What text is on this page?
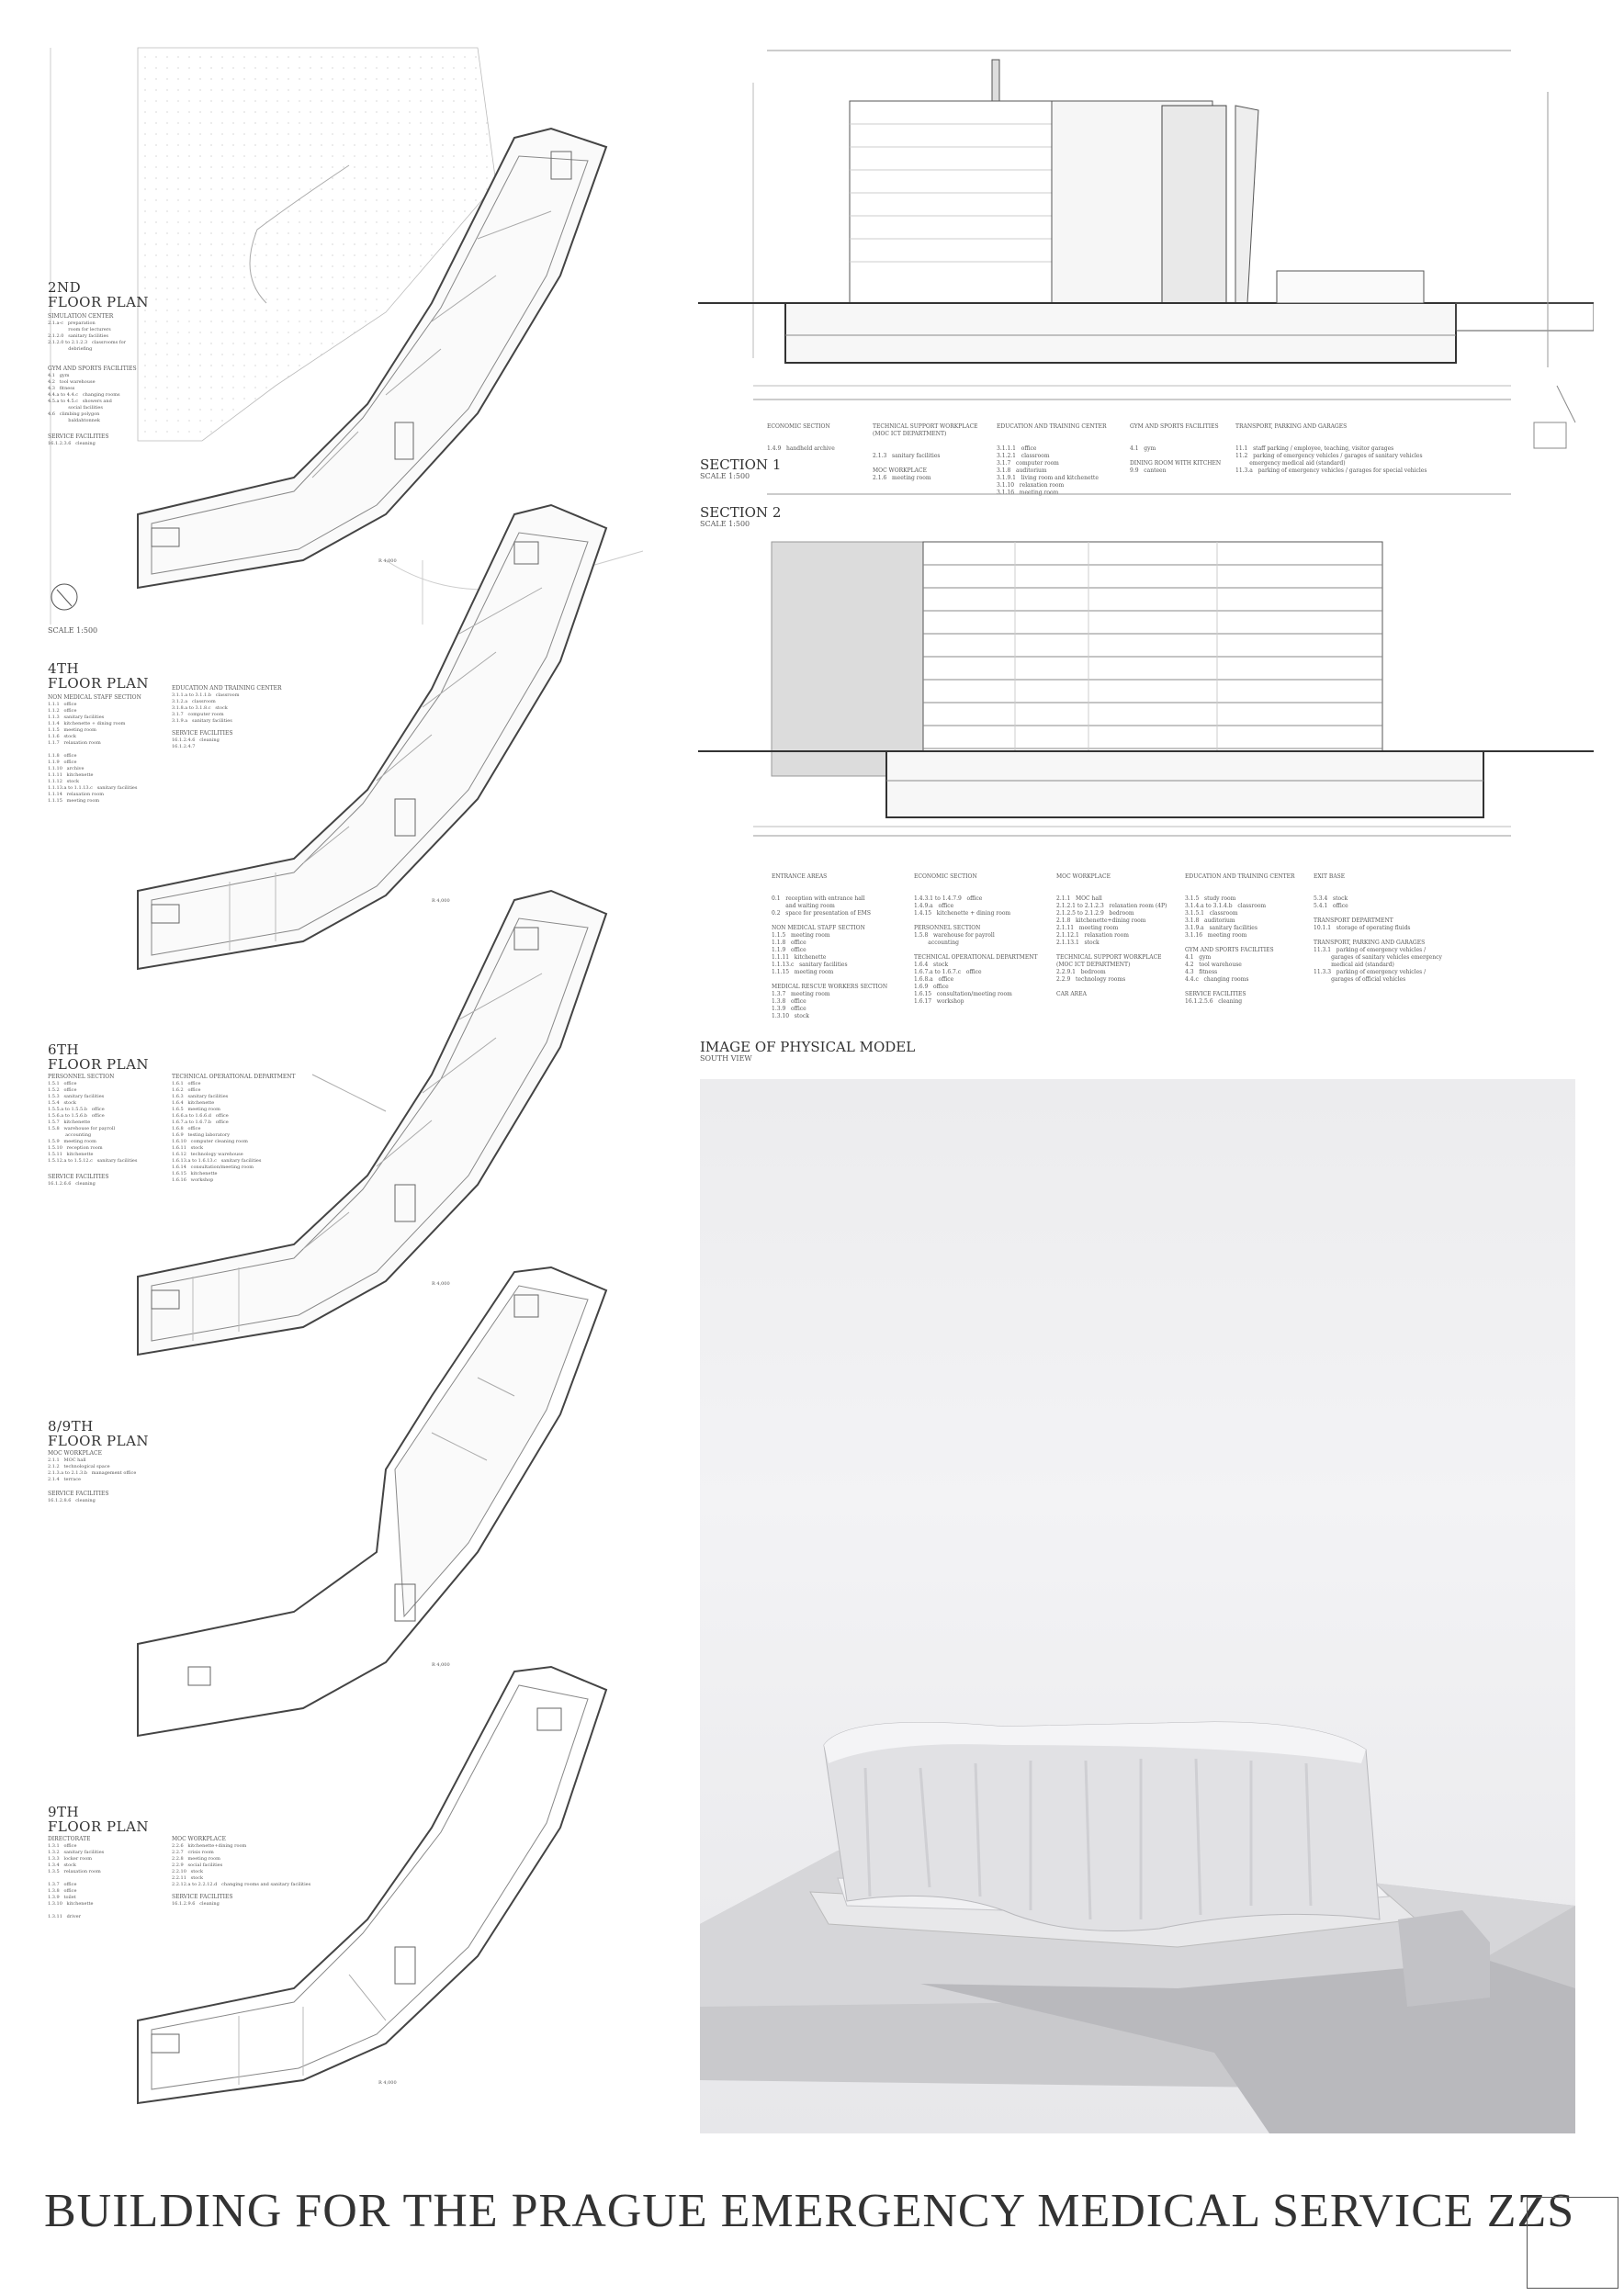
R 4,000
R 4,000
R 4,000
R 4,000
R 4,000
2ND
FLOOR PLAN
SIMULATION CENTER
2.1.a-c   preparation
room for lecturers
2.1.2.0   sanitary facilities
2.1.2.0 to 2.1.2.3   classrooms for
debriefing
GYM AND SPORTS FACILITIES
4.1   gym
4.2   tool warehouse
4.3   fitness
4.4.a to 4.4.c   changing rooms
4.5.a to 4.5.c   showers and
social facilities
4.6   climbing polygon
baldahtonnek
SERVICE FACILITIES
16.1.2.3.6   cleaning
SCALE 1:500
4TH
FLOOR PLAN
NON MEDICAL STAFF SECTION
1.1.1   office
1.1.2   office
1.1.3   sanitary facilities
1.1.4   kitchenette + dining room
1.1.5   meeting room
1.1.6   stock
1.1.7   relaxation room

1.1.8   office
1.1.9   office
1.1.10   archive
1.1.11   kitchenette
1.1.12   stock
1.1.13.a to 1.1.13.c   sanitary facilities
1.1.14   relaxation room
1.1.15   meeting room
EDUCATION AND TRAINING CENTER
3.1.1.a to 3.1.1.b   classroom
3.1.2.a   classroom
3.1.8.a to 3.1.8.c   stock
3.1.7   computer room
3.1.9.a   sanitary facilities
SERVICE FACILITIES
16.1.2.4.6   cleaning
16.1.2.4.7
6TH
FLOOR PLAN
PERSONNEL SECTION
1.5.1   office
1.5.2   office
1.5.3   sanitary facilities
1.5.4   stock
1.5.5.a to 1.5.5.b   office
1.5.6.a to 1.5.6.b   office
1.5.7   kitchenette
1.5.8   warehouse for payroll
accounting
1.5.9   meeting room
1.5.10   reception room
1.5.11   kitchenette
1.5.12.a to 1.5.12.c   sanitary facilities
SERVICE FACILITIES
16.1.2.6.6   cleaning
TECHNICAL OPERATIONAL DEPARTMENT
1.6.1   office
1.6.2   office
1.6.3   sanitary facilities
1.6.4   kitchenette
1.6.5   meeting room
1.6.6.a to 1.6.6.d   office
1.6.7.a to 1.6.7.b   office
1.6.8   office
1.6.9   testing laboratory
1.6.10   computer cleaning room
1.6.11   stock
1.6.12   technology warehouse
1.6.13.a to 1.6.13.c   sanitary facilities
1.6.14   consultation/meeting room
1.6.15   kitchenette
1.6.16   workshop
8/9TH
FLOOR PLAN
MOC WORKPLACE
2.1.1   MOC hall
2.1.2   technological space
2.1.3.a to 2.1.3.b   management office
2.1.4   terrace
SERVICE FACILITIES
16.1.2.8.6   cleaning
9TH
FLOOR PLAN
DIRECTORATE
1.3.1   office
1.3.2   sanitary facilities
1.3.3   locker room
1.3.4   stock
1.3.5   relaxation room

1.3.7   office
1.3.8   office
1.3.9   toilet
1.3.10   kitchenette

1.3.11   driver
MOC WORKPLACE
2.2.6   kitchenette+dining room
2.2.7   crisis room
2.2.8   meeting room
2.2.9   social facilities
2.2.10   stock
2.2.11   stock
2.2.12.a to 2.2.12.d   changing rooms and sanitary facilities
SERVICE FACILITIES
16.1.2.9.6   cleaning

ECONOMIC SECTION

1.4.9   handheld archive

TECHNICAL SUPPORT WORKPLACE
(MOC ICT DEPARTMENT)

2.1.3   sanitary facilities

MOC WORKPLACE
2.1.6   meeting room

EDUCATION AND TRAINING CENTER

3.1.1.1   office
3.1.2.1   classroom
3.1.7   computer room
3.1.8   auditorium
3.1.9.1   living room and kitchenette
3.1.10   relaxation room
3.1.16   meeting room

GYM AND SPORTS FACILITIES

4.1   gym

DINING ROOM WITH KITCHEN
9.9   canteen

TRANSPORT, PARKING AND GARAGES

11.1   staff parking / employee, teaching, visitor garages
11.2   parking of emergency vehicles / garages of sanitary vehicles
emergency medical aid (standard)
11.3.a   parking of emergency vehicles / garages for special vehicles

SECTION 1
SCALE 1:500
SECTION 2
SCALE 1:500

ENTRANCE AREAS

0.1   reception with entrance hall
and waiting room
0.2   space for presentation of EMS

NON MEDICAL STAFF SECTION
1.1.5   meeting room
1.1.8   office
1.1.9   office
1.1.11   kitchenette
1.1.13.c   sanitary facilities
1.1.15   meeting room

MEDICAL RESCUE WORKERS SECTION
1.3.7   meeting room
1.3.8   office
1.3.9   office
1.3.10   stock

ECONOMIC SECTION

1.4.3.1 to 1.4.7.9   office
1.4.9.a   office
1.4.15   kitchenette + dining room

PERSONNEL SECTION
1.5.8   warehouse for payroll
accounting

TECHNICAL OPERATIONAL DEPARTMENT
1.6.4   stock
1.6.7.a to 1.6.7.c   office
1.6.8.a   office
1.6.9   office
1.6.15   consultation/meeting room
1.6.17   workshop

MOC WORKPLACE

2.1.1   MOC hall
2.1.2.1 to 2.1.2.3   relaxation room (4P)
2.1.2.5 to 2.1.2.9   bedroom
2.1.8   kitchenette+dining room
2.1.11   meeting room
2.1.12.1   relaxation room
2.1.13.1   stock

TECHNICAL SUPPORT WORKPLACE
(MOC ICT DEPARTMENT)
2.2.9.1   bedroom
2.2.9   technology rooms

CAR AREA

EDUCATION AND TRAINING CENTER

3.1.5   study room
3.1.4.a to 3.1.4.b   classroom
3.1.5.1   classroom
3.1.8   auditorium
3.1.9.a   sanitary facilities
3.1.16   meeting room

GYM AND SPORTS FACILITIES
4.1   gym
4.2   tool warehouse
4.3   fitness
4.4.c   changing rooms

SERVICE FACILITIES
16.1.2.5.6   cleaning

EXIT BASE

5.3.4   stock
5.4.1   office

TRANSPORT DEPARTMENT
10.1.1   storage of operating fluids

TRANSPORT, PARKING AND GARAGES
11.3.1   parking of emergency vehicles /
garages of sanitary vehicles emergency
medical aid (standard)
11.3.3   parking of emergency vehicles /
garages of official vehicles

IMAGE OF PHYSICAL MODEL
SOUTH VIEW
BUILDING FOR THE PRAGUE EMERGENCY MEDICAL SERVICE ZZS
